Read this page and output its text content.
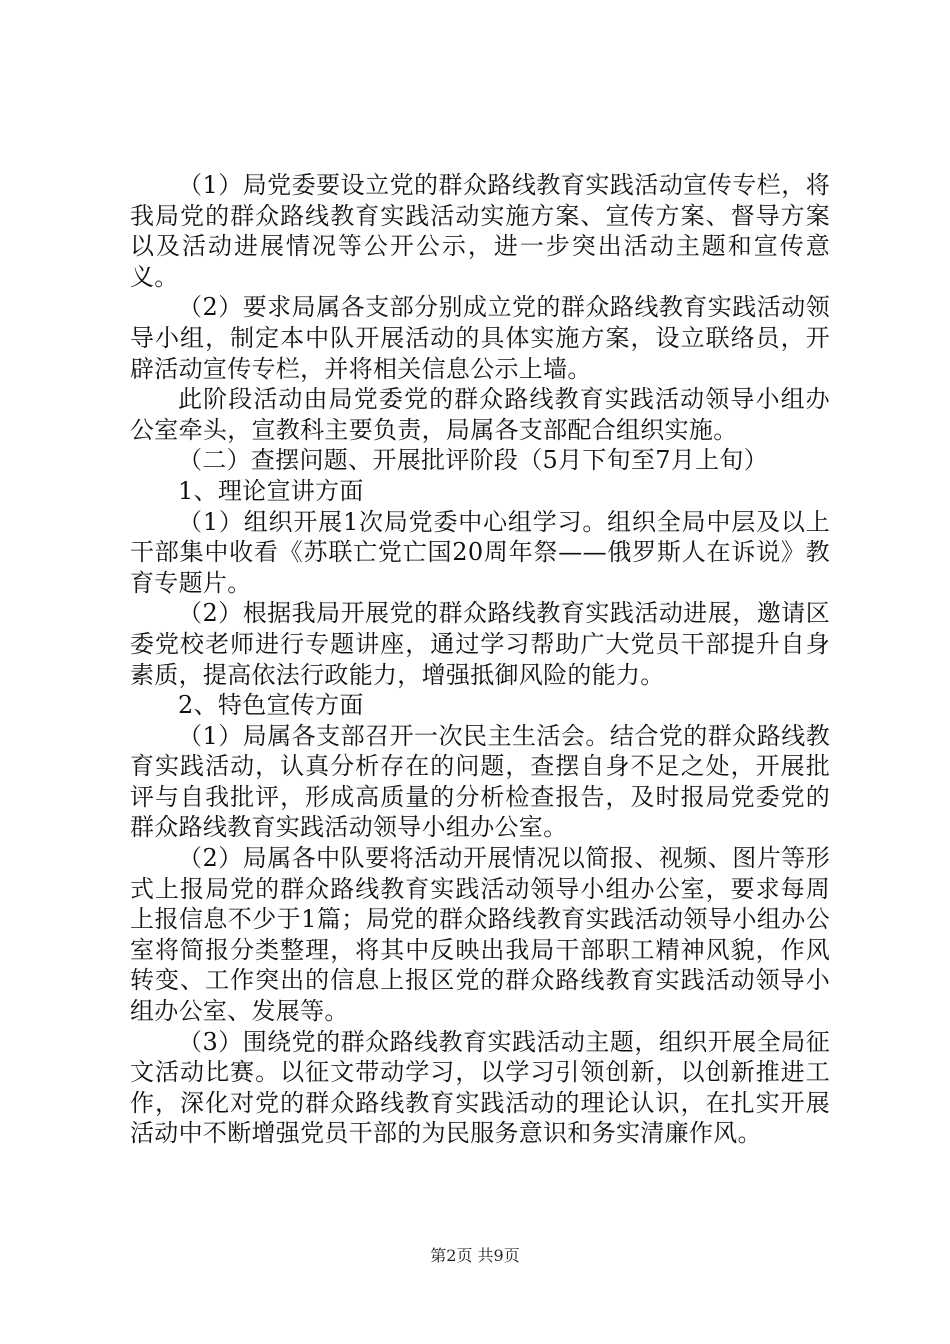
（1）局党委要设立党的群众路线教育实践活动宣传专栏，将我局党的群众路线教育实践活动实施方案、宣传方案、督导方案以及活动进展情况等公开公示，进一步突出活动主题和宣传意义。

（2）要求局属各支部分别成立党的群众路线教育实践活动领导小组，制定本中队开展活动的具体实施方案，设立联络员，开辟活动宣传专栏，并将相关信息公示上墙。

此阶段活动由局党委党的群众路线教育实践活动领导小组办公室牵头，宣教科主要负责，局属各支部配合组织实施。

（二）查摆问题、开展批评阶段（5月下旬至7月上旬）

1、理论宣讲方面

（1）组织开展1次局党委中心组学习。组织全局中层及以上干部集中收看《苏联亡党亡国20周年祭——俄罗斯人在诉说》教育专题片。

（2）根据我局开展党的群众路线教育实践活动进展，邀请区委党校老师进行专题讲座，通过学习帮助广大党员干部提升自身素质，提高依法行政能力，增强抵御风险的能力。

2、特色宣传方面

（1）局属各支部召开一次民主生活会。结合党的群众路线教育实践活动，认真分析存在的问题，查摆自身不足之处，开展批评与自我批评，形成高质量的分析检查报告，及时报局党委党的群众路线教育实践活动领导小组办公室。

（2）局属各中队要将活动开展情况以简报、视频、图片等形式上报局党的群众路线教育实践活动领导小组办公室，要求每周上报信息不少于1篇；局党的群众路线教育实践活动领导小组办公室将简报分类整理，将其中反映出我局干部职工精神风貌，作风转变、工作突出的信息上报区党的群众路线教育实践活动领导小组办公室、发展等。

（3）围绕党的群众路线教育实践活动主题，组织开展全局征文活动比赛。以征文带动学习，以学习引领创新，以创新推进工作，深化对党的群众路线教育实践活动的理论认识，在扎实开展活动中不断增强党员干部的为民服务意识和务实清廉作风。

第2页 共9页
